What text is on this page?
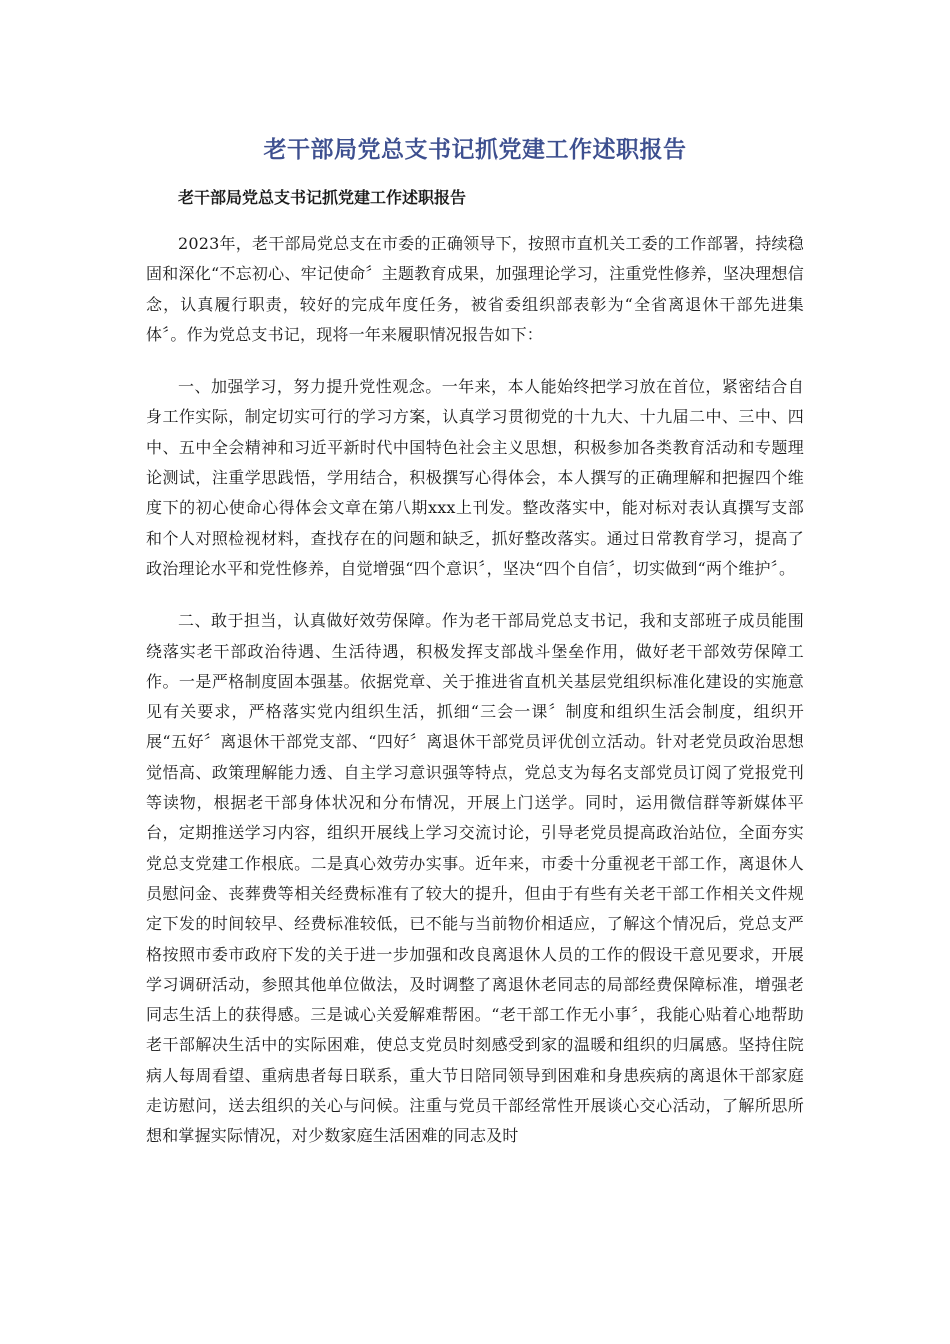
老干部局党总支书记抓党建工作述职报告
老干部局党总支书记抓党建工作述职报告

2023年，老干部局党总支在市委的正确领导下，按照市直机关工委的工作部署，持续稳固和深化“不忘初心、牢记使命〞主题教育成果，加强理论学习，注重党性修养，坚决理想信念，认真履行职责，较好的完成年度任务，被省委组织部表彰为“全省离退休干部先进集体〞。作为党总支书记，现将一年来履职情况报告如下：

一、加强学习，努力提升党性观念。一年来，本人能始终把学习放在首位，紧密结合自身工作实际，制定切实可行的学习方案，认真学习贯彻党的十九大、十九届二中、三中、四中、五中全会精神和习近平新时代中国特色社会主义思想，积极参加各类教育活动和专题理论测试，注重学思践悟，学用结合，积极撰写心得体会，本人撰写的正确理解和把握四个维度下的初心使命心得体会文章在第八期xxx上刊发。整改落实中，能对标对表认真撰写支部和个人对照检视材料，查找存在的问题和缺乏，抓好整改落实。通过日常教育学习，提高了政治理论水平和党性修养，自觉增强“四个意识〞，坚决“四个自信〞，切实做到“两个维护〞。

二、敢于担当，认真做好效劳保障。作为老干部局党总支书记，我和支部班子成员能围绕落实老干部政治待遇、生活待遇，积极发挥支部战斗堡垒作用，做好老干部效劳保障工作。一是严格制度固本强基。依据党章、关于推进省直机关基层党组织标准化建设的实施意见有关要求，严格落实党内组织生活，抓细“三会一课〞制度和组织生活会制度，组织开展“五好〞离退休干部党支部、“四好〞离退休干部党员评优创立活动。针对老党员政治思想觉悟高、政策理解能力透、自主学习意识强等特点，党总支为每名支部党员订阅了党报党刊等读物，根据老干部身体状况和分布情况，开展上门送学。同时，运用微信群等新媒体平台，定期推送学习内容，组织开展线上学习交流讨论，引导老党员提高政治站位，全面夯实党总支党建工作根底。二是真心效劳办实事。近年来，市委十分重视老干部工作，离退休人员慰问金、丧葬费等相关经费标准有了较大的提升，但由于有些有关老干部工作相关文件规定下发的时间较早、经费标准较低，已不能与当前物价相适应，了解这个情况后，党总支严格按照市委市政府下发的关于进一步加强和改良离退休人员的工作的假设干意见要求，开展学习调研活动，参照其他单位做法，及时调整了离退休老同志的局部经费保障标准，增强老同志生活上的获得感。三是诚心关爱解难帮困。“老干部工作无小事〞，我能心贴着心地帮助老干部解决生活中的实际困难，使总支党员时刻感受到家的温暖和组织的归属感。坚持住院病人每周看望、重病患者每日联系，重大节日陪同领导到困难和身患疾病的离退休干部家庭走访慰问，送去组织的关心与问候。注重与党员干部经常性开展谈心交心活动，了解所思所想和掌握实际情况，对少数家庭生活困难的同志及时
